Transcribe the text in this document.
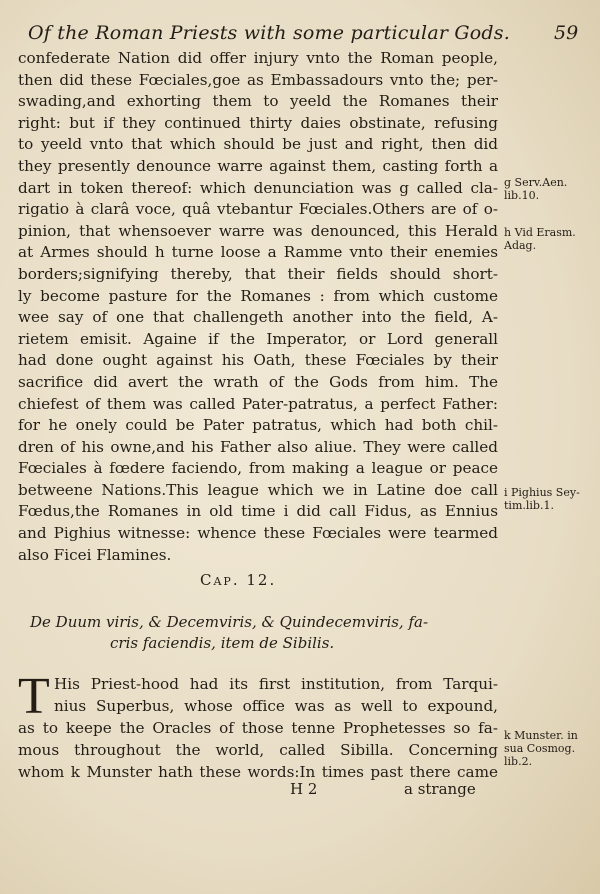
Of the Roman Priests with some particular Gods.	59
confederate Nation did offer injury vnto the Roman people,
then did these Fœciales,goe as Embassadours vnto the; per-
swading,and exhorting them to yeeld the Romanes their
right: but if they continued thirty daies obstinate, refusing
to yeeld vnto that which should be just and right, then did
they presently denounce warre against them, casting forth a
dart in token thereof: which denunciation was g called cla-
rigatio à clarâ voce, quâ vtebantur Fœciales.Others are of o-
pinion, that whensoever warre was denounced, this Herald
at Armes should h turne loose a Ramme vnto their enemies
borders;signifying thereby, that their fields should short-
ly become pasture for the Romanes : from which custome
wee say of one that challengeth another into the field, A-
rietem emisit. Againe if the Imperator, or Lord generall
had done ought against his Oath, these Fœciales by their
sacrifice did avert the wrath of the Gods from him. The
chiefest of them was called Pater-patratus, a perfect Father:
for he onely could be Pater patratus, which had both chil-
dren of his owne,and his Father also aliue. They were called
Fœciales à fœdere faciendo, from making a league or peace
betweene Nations.This league which we in Latine doe call
Fœdus,the Romanes in old time i did call Fidus, as Ennius
and Pighius witnesse: whence these Fœciales were tearmed
also Ficei Flamines.
g Serv.Aen.
lib.10.
h Vid Erasm.
Adag.
i Pighius Sey-
tim.lib.1.
k Munster. in
sua Cosmog.
lib.2.
Cap. 12.
De Duum viris, & Decemviris, & Quindecemviris, fa-
cris faciendis, item de Sibilis.
T His Priest-hood had its first institution, from Tarqui-
nius Superbus, whose office was as well to expound,
as to keepe the Oracles of those tenne Prophetesses so fa-
mous throughout the world, called Sibilla. Concerning
whom k Munster hath these words:In times past there came
H 2	a strange
